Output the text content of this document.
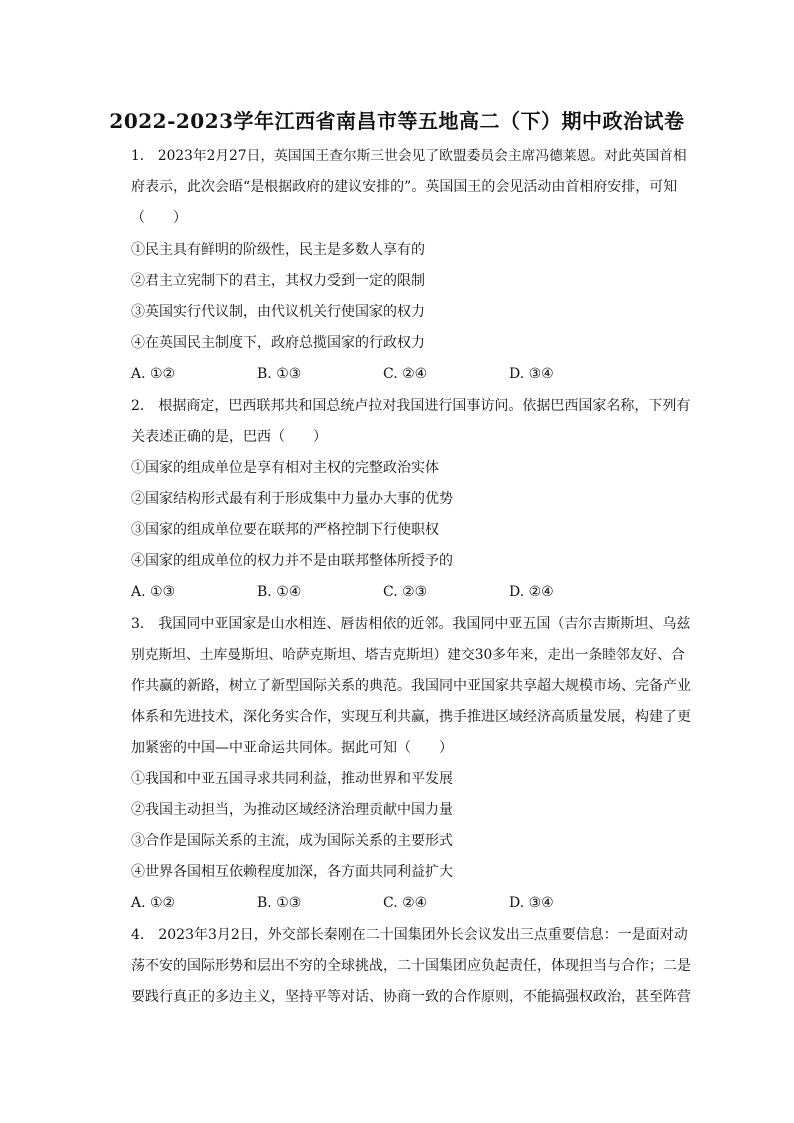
2022-2023学年江西省南昌市等五地高二（下）期中政治试卷
1.　2023年2月27日，英国国王查尔斯三世会见了欧盟委员会主席冯德莱恩。对此英国首相
府表示，此次会晤“是根据政府的建议安排的”。英国国王的会见活动由首相府安排，可知
（　　）
①民主具有鲜明的阶级性，民主是多数人享有的
②君主立宪制下的君主，其权力受到一定的限制
③英国实行代议制，由代议机关行使国家的权力
④在英国民主制度下，政府总揽国家的行政权力
A. ①②	B. ①③	C. ②④	D. ③④
2.　根据商定，巴西联邦共和国总统卢拉对我国进行国事访问。依据巴西国家名称，下列有
关表述正确的是，巴西（　　）
①国家的组成单位是享有相对主权的完整政治实体
②国家结构形式最有利于形成集中力量办大事的优势
③国家的组成单位要在联邦的严格控制下行使职权
④国家的组成单位的权力并不是由联邦整体所授予的
A. ①③	B. ①④	C. ②③	D. ②④
3.　我国同中亚国家是山水相连、唇齿相依的近邻。我国同中亚五国（吉尔吉斯斯坦、乌兹
别克斯坦、土库曼斯坦、哈萨克斯坦、塔吉克斯坦）建交30多年来，走出一条睦邻友好、合
作共赢的新路，树立了新型国际关系的典范。我国同中亚国家共享超大规模市场、完备产业
体系和先进技术，深化务实合作，实现互利共赢，携手推进区域经济高质量发展，构建了更
加紧密的中国—中亚命运共同体。据此可知（　　）
①我国和中亚五国寻求共同利益，推动世界和平发展
②我国主动担当，为推动区域经济治理贡献中国力量
③合作是国际关系的主流，成为国际关系的主要形式
④世界各国相互依赖程度加深，各方面共同利益扩大
A. ①②	B. ①③	C. ②④	D. ③④
4.　2023年3月2日，外交部长秦刚在二十国集团外长会议发出三点重要信息：一是面对动
荡不安的国际形势和层出不穷的全球挑战，二十国集团应负起责任，体现担当与合作；二是
要践行真正的多边主义，坚持平等对话、协商一致的合作原则，不能搞强权政治，甚至阵营
